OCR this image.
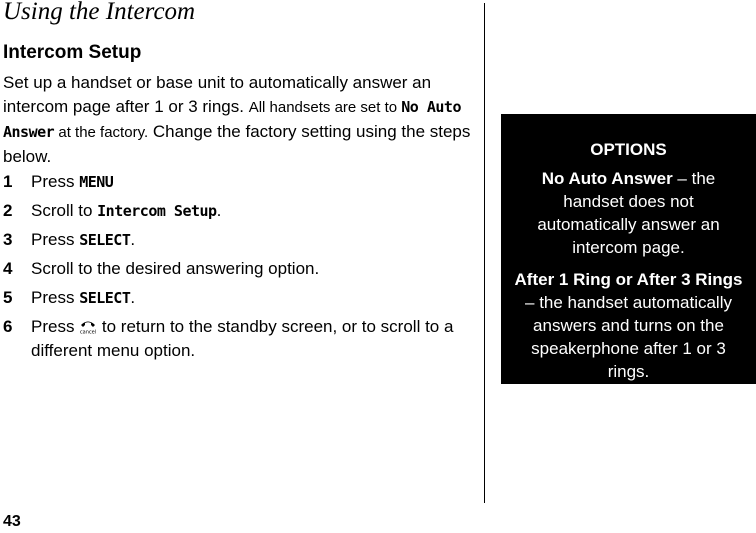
Using the Intercom
Intercom Setup
Set up a handset or base unit to automatically answer an intercom page after 1 or 3 rings. All handsets are set to No Auto Answer at the factory. Change the factory setting using the steps below.
1 Press MENU
2 Scroll to Intercom Setup.
3 Press SELECT.
4 Scroll to the desired answering option.
5 Press SELECT.
6 Press cancel to return to the standby screen, or to scroll to a different menu option.
OPTIONS
No Auto Answer – the handset does not automatically answer an intercom page.
After 1 Ring or After 3 Rings
– the handset automatically answers and turns on the speakerphone after 1 or 3 rings.
43
